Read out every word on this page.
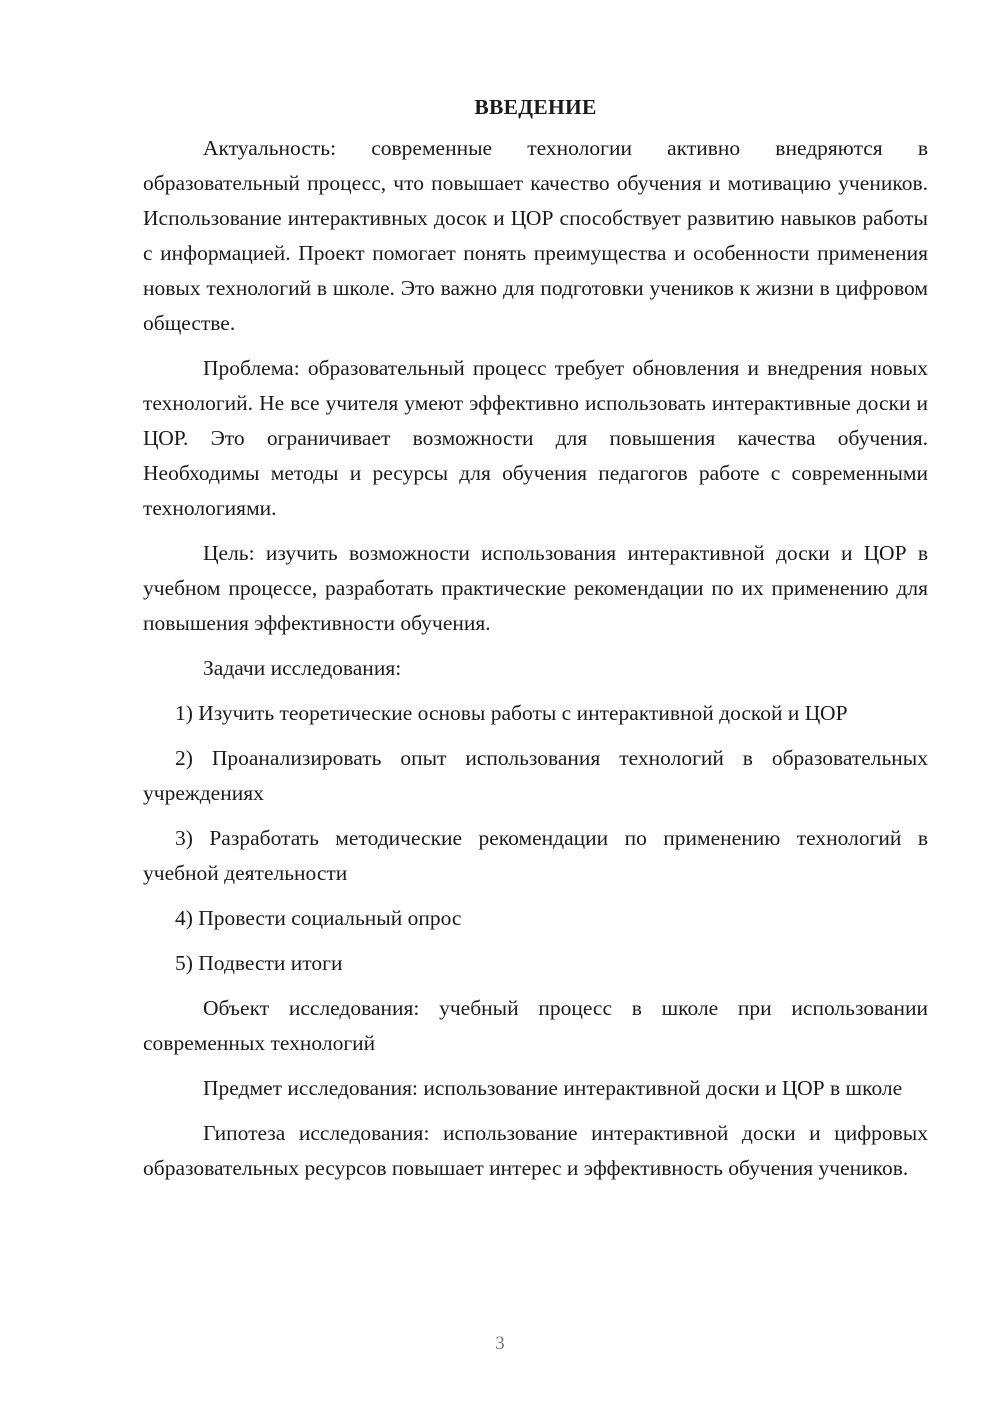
ВВЕДЕНИЕ

Актуальность: современные технологии активно внедряются в образовательный процесс, что повышает качество обучения и мотивацию учеников. Использование интерактивных досок и ЦОР способствует развитию навыков работы с информацией. Проект помогает понять преимущества и особенности применения новых технологий в школе. Это важно для подготовки учеников к жизни в цифровом обществе.

Проблема: образовательный процесс требует обновления и внедрения новых технологий. Не все учителя умеют эффективно использовать интерактивные доски и ЦОР. Это ограничивает возможности для повышения качества обучения. Необходимы методы и ресурсы для обучения педагогов работе с современными технологиями.

Цель: изучить возможности использования интерактивной доски и ЦОР в учебном процессе, разработать практические рекомендации по их применению для повышения эффективности обучения.

Задачи исследования:

1) Изучить теоретические основы работы с интерактивной доской и ЦОР

2) Проанализировать опыт использования технологий в образовательных учреждениях

3) Разработать методические рекомендации по применению технологий в учебной деятельности

4) Провести социальный опрос

5) Подвести итоги

Объект исследования: учебный процесс в школе при использовании современных технологий

Предмет исследования: использование интерактивной доски и ЦОР в школе

Гипотеза исследования: использование интерактивной доски и цифровых образовательных ресурсов повышает интерес и эффективность обучения учеников.

3
